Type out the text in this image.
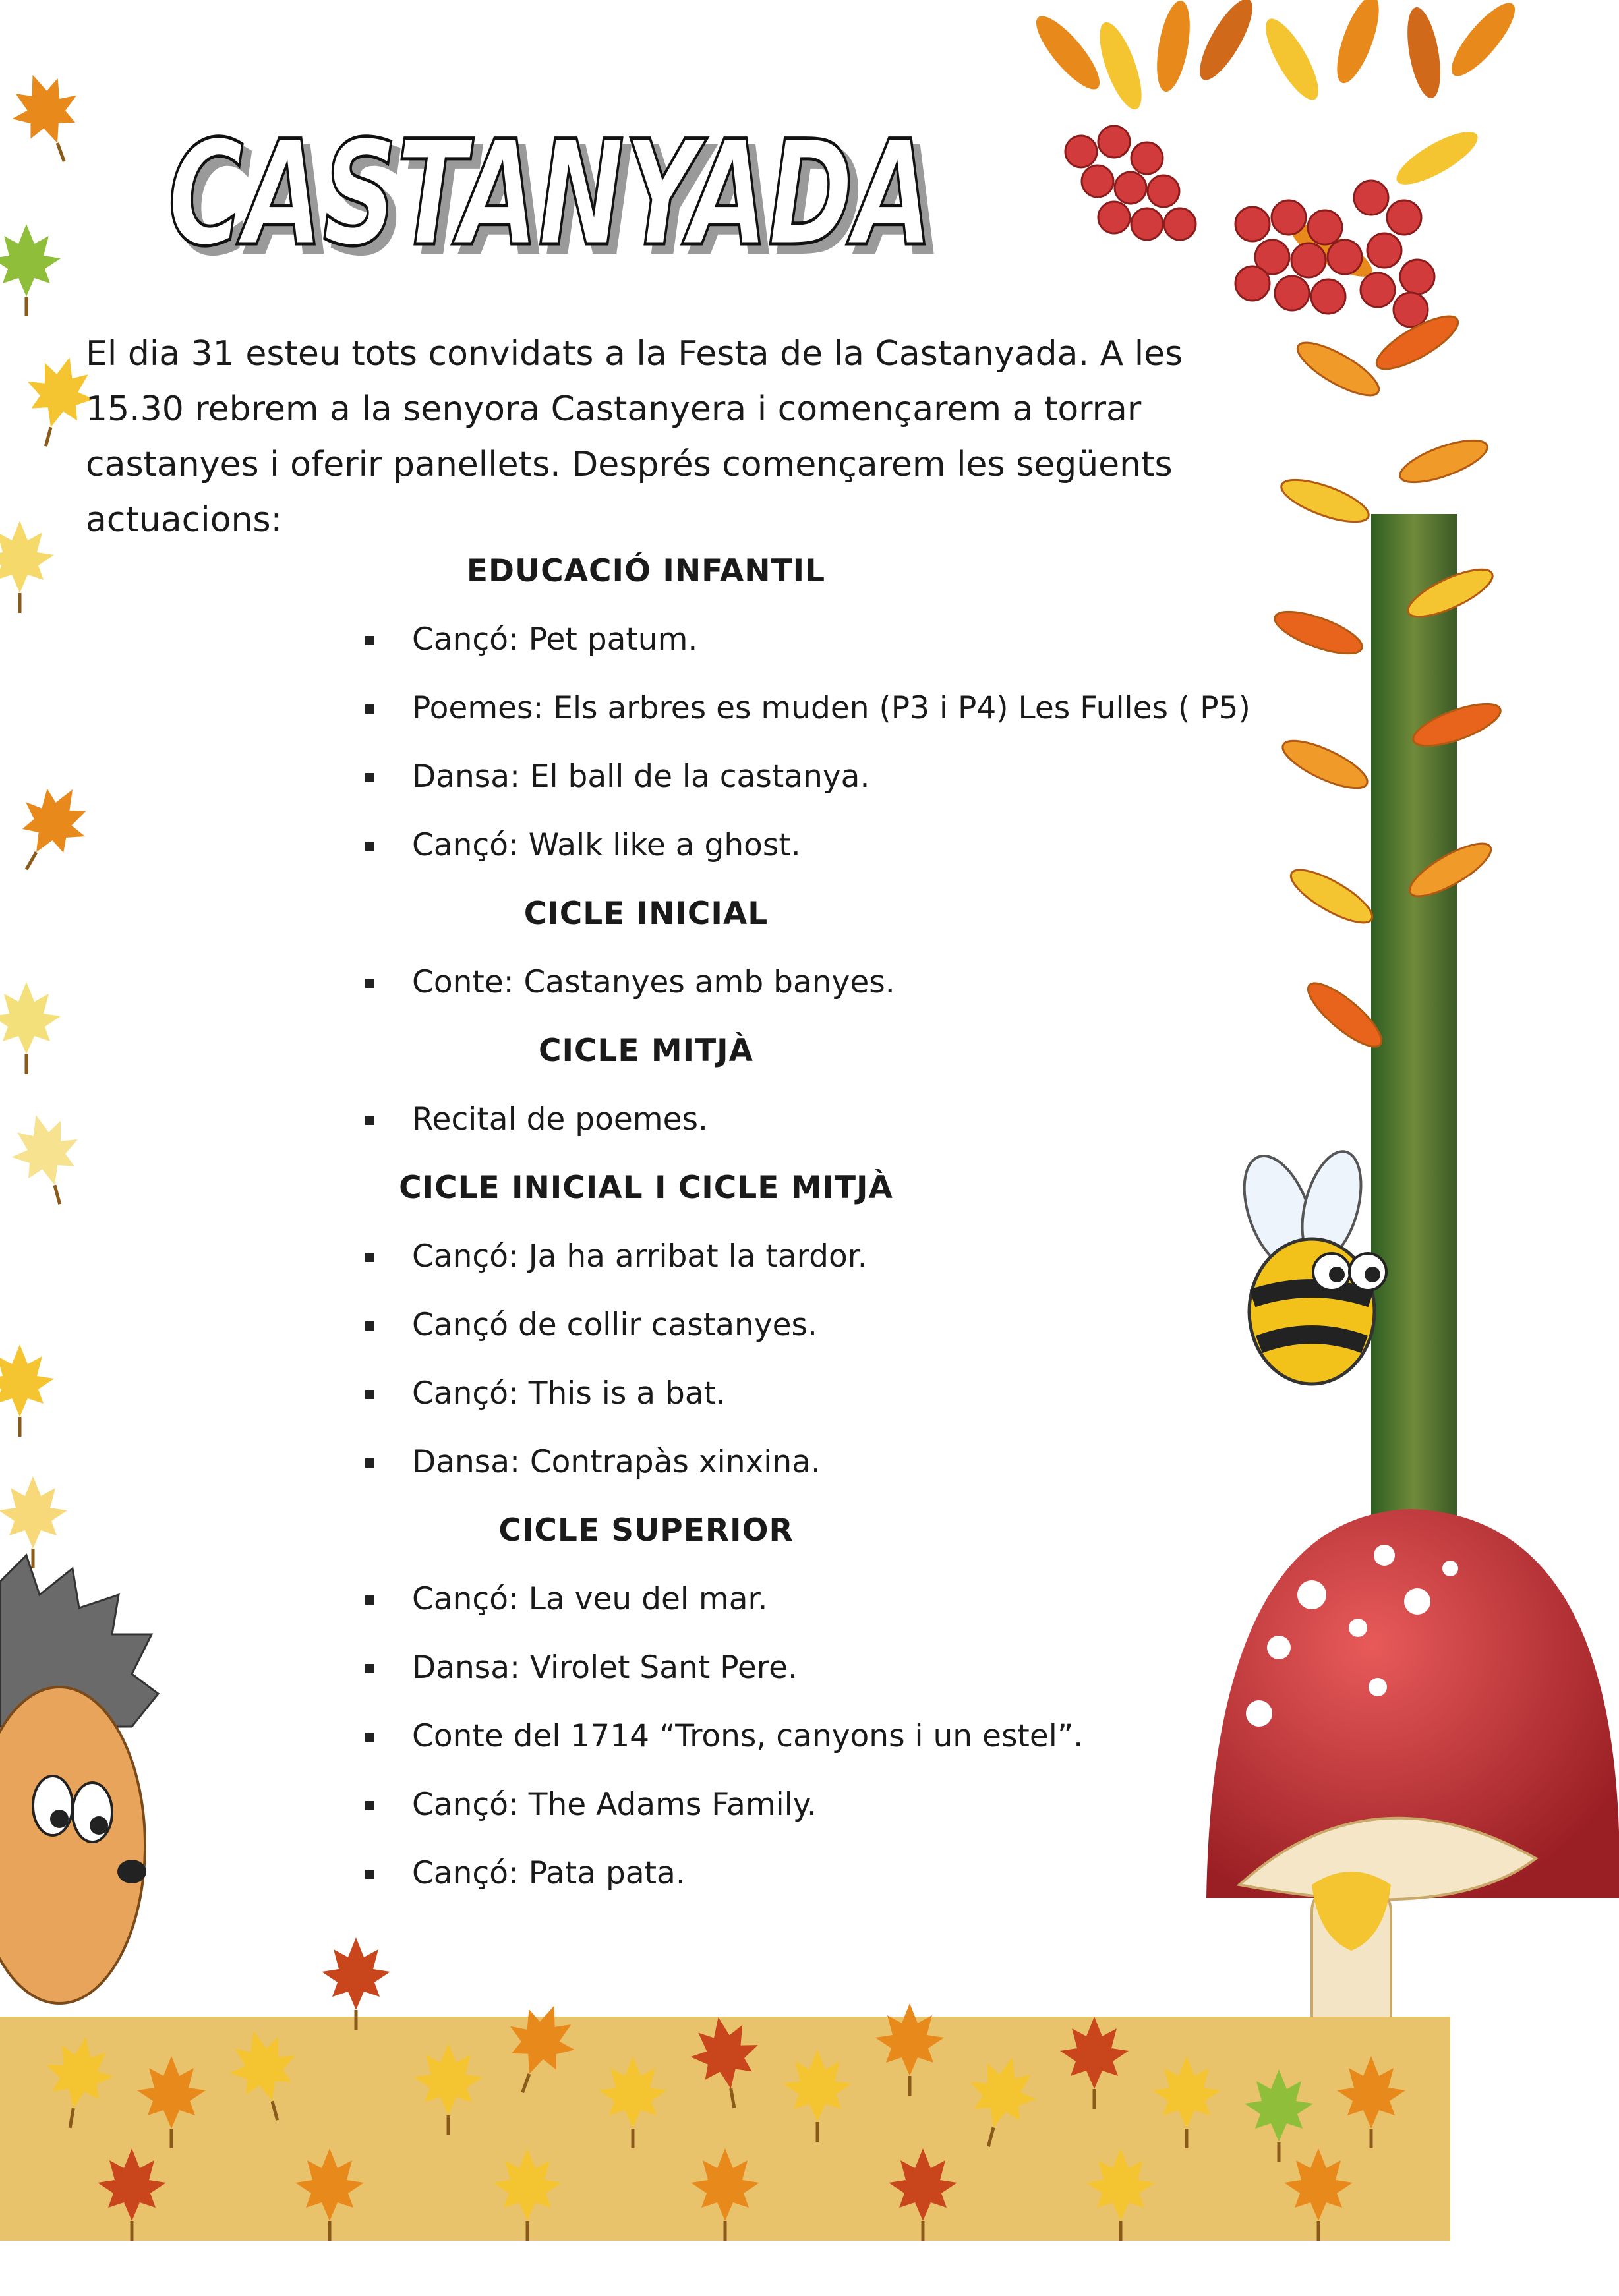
CASTANYADA
CASTANYADA

El dia 31 esteu tots convidats a la Festa de la Castanyada. A les

15.30 rebrem a la senyora Castanyera i començarem a torrar

castanyes i oferir panellets. Després començarem les següents

actuacions:

EDUCACIÓ INFANTIL
Cançó: Pet patum.
Poemes: Els arbres es muden (P3 i P4) Les Fulles ( P5)
Dansa: El ball de la castanya.
Cançó: Walk like a ghost.
CICLE INICIAL
Conte: Castanyes amb banyes.
CICLE MITJÀ
Recital de poemes.
CICLE INICIAL I CICLE MITJÀ
Cançó: Ja ha arribat la tardor.
Cançó de collir castanyes.
Cançó: This is a bat.
Dansa: Contrapàs xinxina.
CICLE SUPERIOR
Cançó: La veu del mar.
Dansa: Virolet Sant Pere.
Conte del 1714 “Trons, canyons i un estel”.
Cançó: The Adams Family.
Cançó: Pata pata.
